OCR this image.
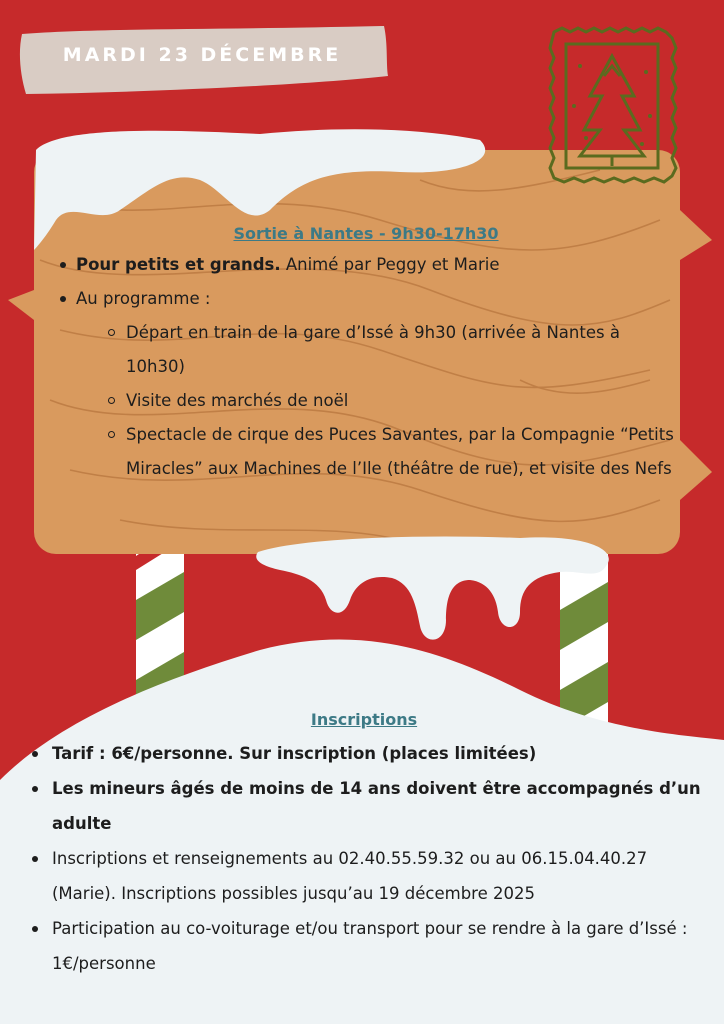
MARDI 23 DÉCEMBRE

Sortie à Nantes - 9h30-17h30

Pour petits et grands. Animé par Peggy et Marie
Au programme :
Départ en train de la gare d’Issé à 9h30 (arrivée à Nantes à 10h30)
Visite des marchés de noël
Spectacle de cirque des Puces Savantes, par la Compagnie “Petits Miracles” aux Machines de l’Ile (théâtre de rue), et visite des Nefs

Inscriptions

Tarif : 6€/personne. Sur inscription (places limitées)
Les mineurs âgés de moins de 14 ans doivent être accompagnés d’un adulte
Inscriptions et renseignements au 02.40.55.59.32 ou au 06.15.04.40.27 (Marie). Inscriptions possibles jusqu’au 19 décembre 2025
Participation au co-voiturage et/ou transport pour se rendre à la gare d’Issé : 1€/personne
